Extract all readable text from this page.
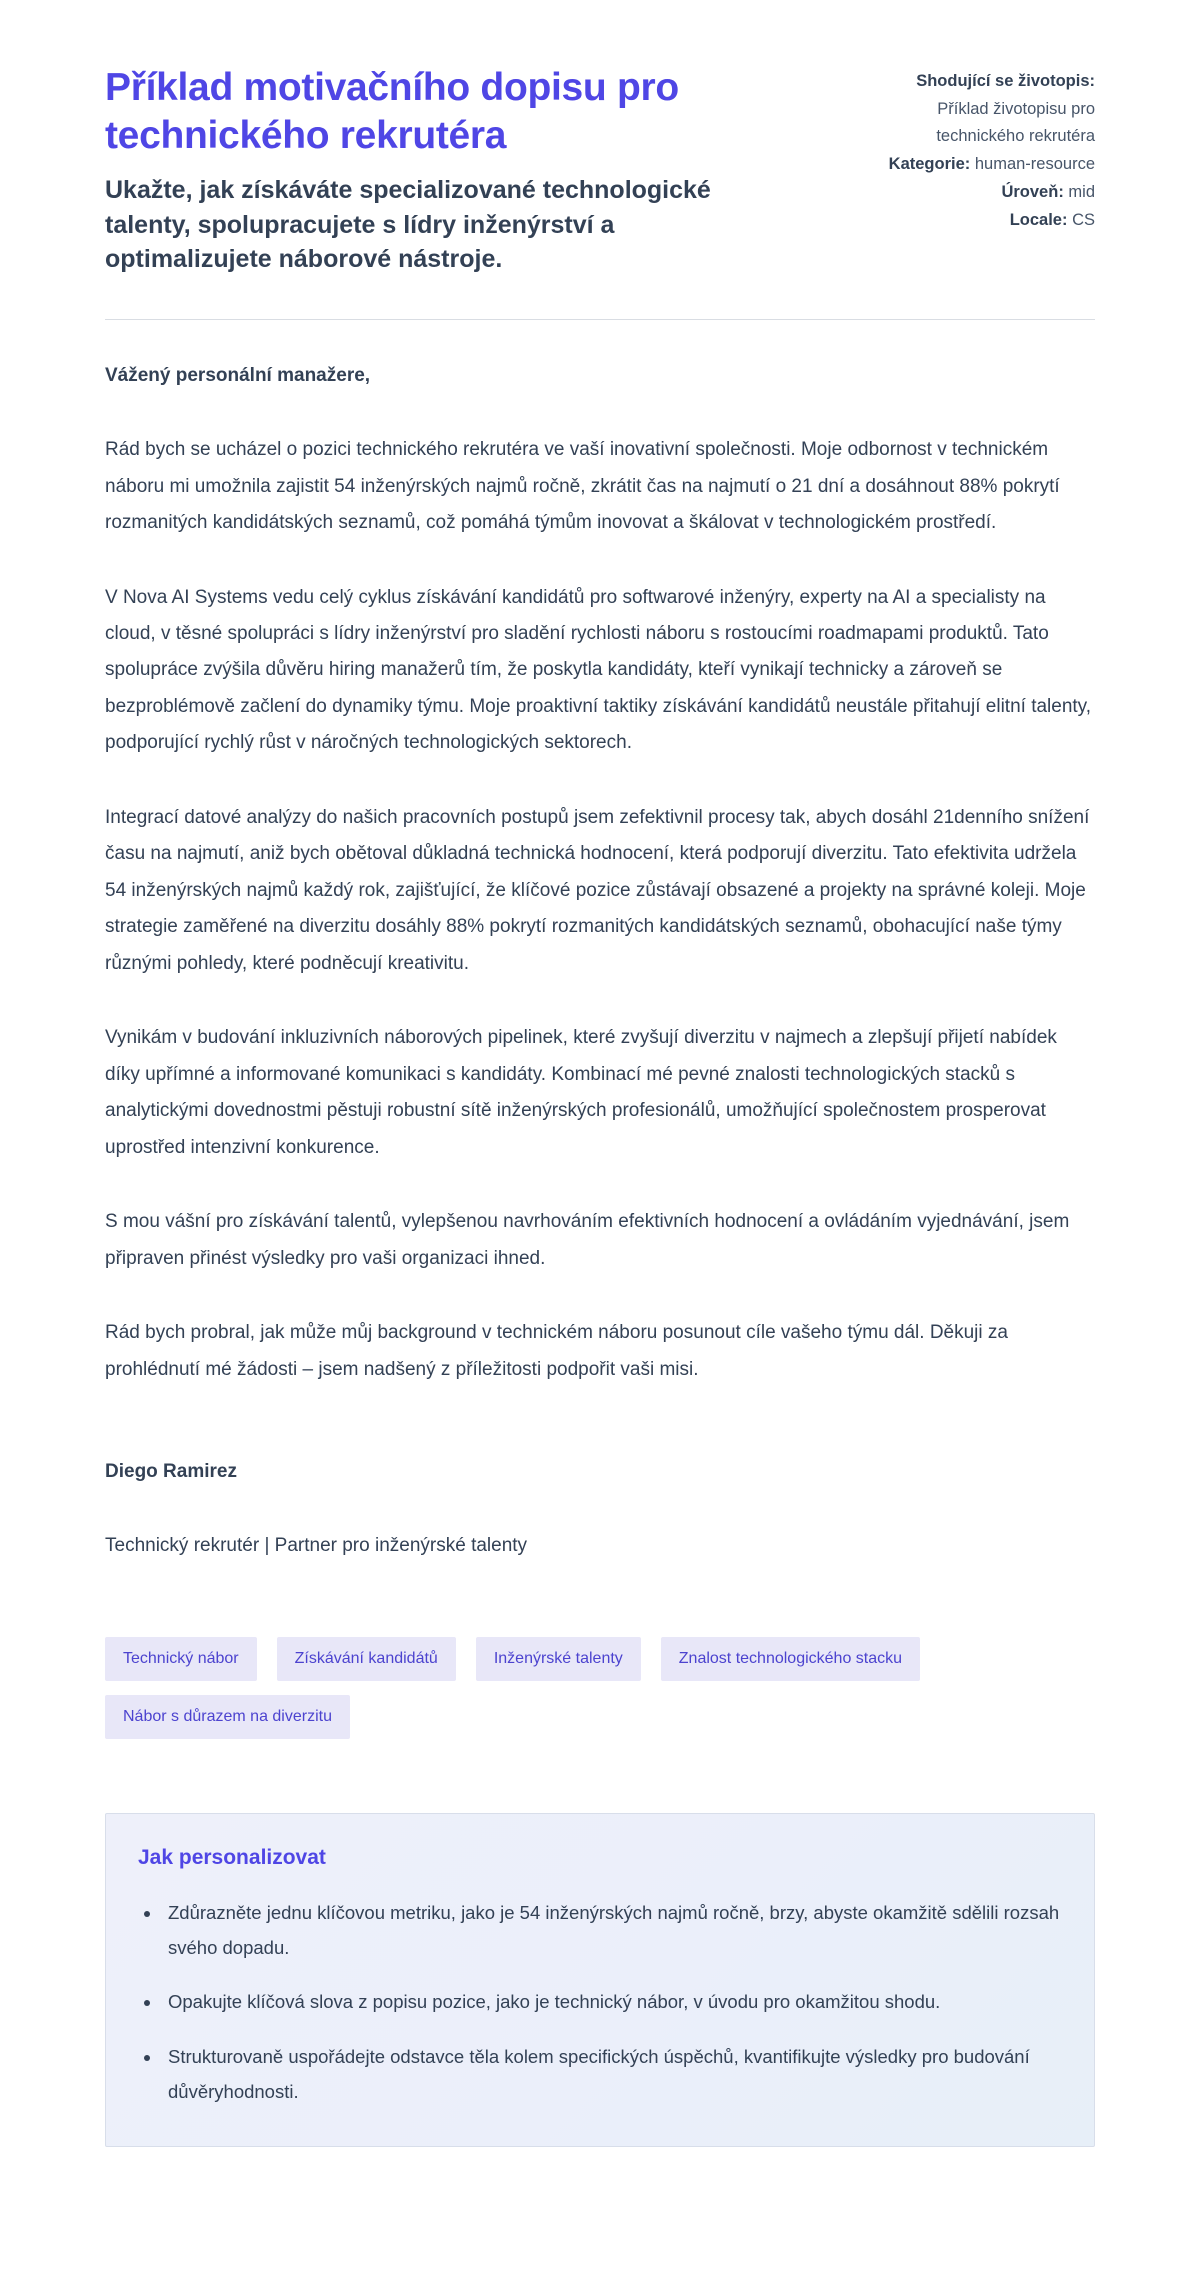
Příklad motivačního dopisu pro technického rekrutéra
Ukažte, jak získáváte specializované technologické talenty, spolupracujete s lídry inženýrství a optimalizujete náborové nástroje.
Shodující se životopis: Příklad životopisu pro technického rekrutéra
Kategorie: human-resource
Úroveň: mid
Locale: CS

Vážený personální manažere,

Rád bych se ucházel o pozici technického rekrutéra ve vaší inovativní společnosti. Moje odbornost v technickém náboru mi umožnila zajistit 54 inženýrských najmů ročně, zkrátit čas na najmutí o 21 dní a dosáhnout 88% pokrytí rozmanitých kandidátských seznamů, což pomáhá týmům inovovat a škálovat v technologickém prostředí.

V Nova AI Systems vedu celý cyklus získávání kandidátů pro softwarové inženýry, experty na AI a specialisty na cloud, v těsné spolupráci s lídry inženýrství pro sladění rychlosti náboru s rostoucími roadmapami produktů. Tato spolupráce zvýšila důvěru hiring manažerů tím, že poskytla kandidáty, kteří vynikají technicky a zároveň se bezproblémově začlení do dynamiky týmu. Moje proaktivní taktiky získávání kandidátů neustále přitahují elitní talenty, podporující rychlý růst v náročných technologických sektorech.

Integrací datové analýzy do našich pracovních postupů jsem zefektivnil procesy tak, abych dosáhl 21denního snížení času na najmutí, aniž bych obětoval důkladná technická hodnocení, která podporují diverzitu. Tato efektivita udržela 54 inženýrských najmů každý rok, zajišťující, že klíčové pozice zůstávají obsazené a projekty na správné koleji. Moje strategie zaměřené na diverzitu dosáhly 88% pokrytí rozmanitých kandidátských seznamů, obohacující naše týmy různými pohledy, které podněcují kreativitu.

Vynikám v budování inkluzivních náborových pipelinek, které zvyšují diverzitu v najmech a zlepšují přijetí nabídek díky upřímné a informované komunikaci s kandidáty. Kombinací mé pevné znalosti technologických stacků s analytickými dovednostmi pěstuji robustní sítě inženýrských profesionálů, umožňující společnostem prosperovat uprostřed intenzivní konkurence.

S mou vášní pro získávání talentů, vylepšenou navrhováním efektivních hodnocení a ovládáním vyjednávání, jsem připraven přinést výsledky pro vaši organizaci ihned.

Rád bych probral, jak může můj background v technickém náboru posunout cíle vašeho týmu dál. Děkuji za prohlédnutí mé žádosti – jsem nadšený z příležitosti podpořit vaši misi.

Diego Ramirez

Technický rekrutér | Partner pro inženýrské talenty

Technický nábor	Získávání kandidátů	Inženýrské talenty	Znalost technologického stacku
Nábor s důrazem na diverzitu
Jak personalizovat
• Zdůrazněte jednu klíčovou metriku, jako je 54 inženýrských najmů ročně, brzy, abyste okamžitě sdělili rozsah svého dopadu.
• Opakujte klíčová slova z popisu pozice, jako je technický nábor, v úvodu pro okamžitou shodu.
• Strukturovaně uspořádejte odstavce těla kolem specifických úspěchů, kvantifikujte výsledky pro budování důvěryhodnosti.
